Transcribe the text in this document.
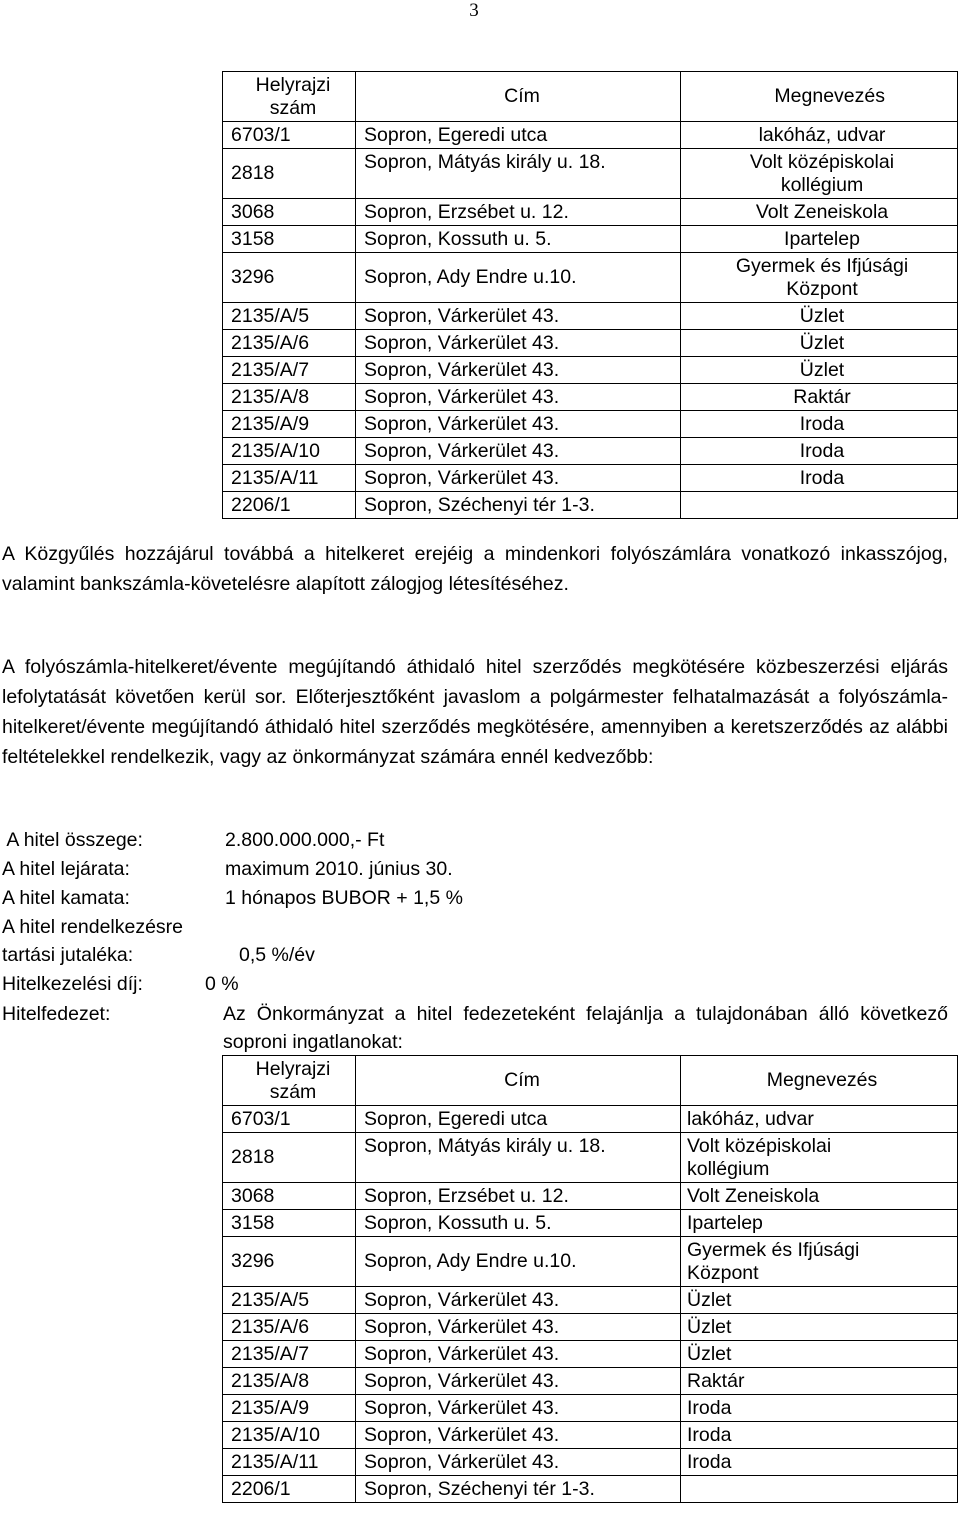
3
Helyrajzi
szám	Cím	Megnevezés
6703/1	Sopron, Egeredi utca	lakóház, udvar
2818	Sopron, Mátyás király u. 18.	Volt középiskolai
kollégium

3068	Sopron, Erzsébet u. 12.	Volt Zeneiskola
3158	Sopron, Kossuth u. 5.	Ipartelep
3296	Sopron, Ady Endre u.10.	Gyermek és Ifjúsági
Központ

2135/A/5	Sopron, Várkerület 43.	Üzlet
2135/A/6	Sopron, Várkerület 43.	Üzlet
2135/A/7	Sopron, Várkerület 43.	Üzlet
2135/A/8	Sopron, Várkerület 43.	Raktár
2135/A/9	Sopron, Várkerület 43.	Iroda
2135/A/10	Sopron, Várkerület 43.	Iroda
2135/A/11	Sopron, Várkerület 43.	Iroda
2206/1	Sopron, Széchenyi tér 1-3.	

A Közgyűlés hozzájárul továbbá a hitelkeret erejéig a mindenkori folyószámlára vonatkozó inkasszójog, valamint bankszámla-követelésre alapított zálogjog létesítéséhez.

A folyószámla-hitelkeret/évente megújítandó áthidaló hitel szerződés megkötésére közbeszerzési eljárás lefolytatását követően kerül sor. Előterjesztőként javaslom a polgármester felhatalmazását a folyószámla-hitelkeret/évente megújítandó áthidaló hitel szerződés megkötésére, amennyiben a keretszerződés az alábbi feltételekkel rendelkezik, vagy az önkormányzat számára ennél kedvezőbb:

A hitel összege:	2.800.000.000,- Ft
A hitel lejárata:	maximum 2010. június 30.
A hitel kamata:	1 hónapos BUBOR + 1,5 %
A hitel rendelkezésre
tartási jutaléka:	0,5 %/év
Hitelkezelési díj:	0 %
Hitelfedezet:	Az Önkormányzat a hitel fedezeteként felajánlja a tulajdonában álló következő soproni ingatlanokat:
Helyrajzi
szám	Cím	Megnevezés
6703/1	Sopron, Egeredi utca	lakóház, udvar
2818	Sopron, Mátyás király u. 18.	Volt középiskolai
kollégium

3068	Sopron, Erzsébet u. 12.	Volt Zeneiskola
3158	Sopron, Kossuth u. 5.	Ipartelep
3296	Sopron, Ady Endre u.10.	Gyermek és Ifjúsági
Központ

2135/A/5	Sopron, Várkerület 43.	Üzlet
2135/A/6	Sopron, Várkerület 43.	Üzlet
2135/A/7	Sopron, Várkerület 43.	Üzlet
2135/A/8	Sopron, Várkerület 43.	Raktár
2135/A/9	Sopron, Várkerület 43.	Iroda
2135/A/10	Sopron, Várkerület 43.	Iroda
2135/A/11	Sopron, Várkerület 43.	Iroda
2206/1	Sopron, Széchenyi tér 1-3.	
